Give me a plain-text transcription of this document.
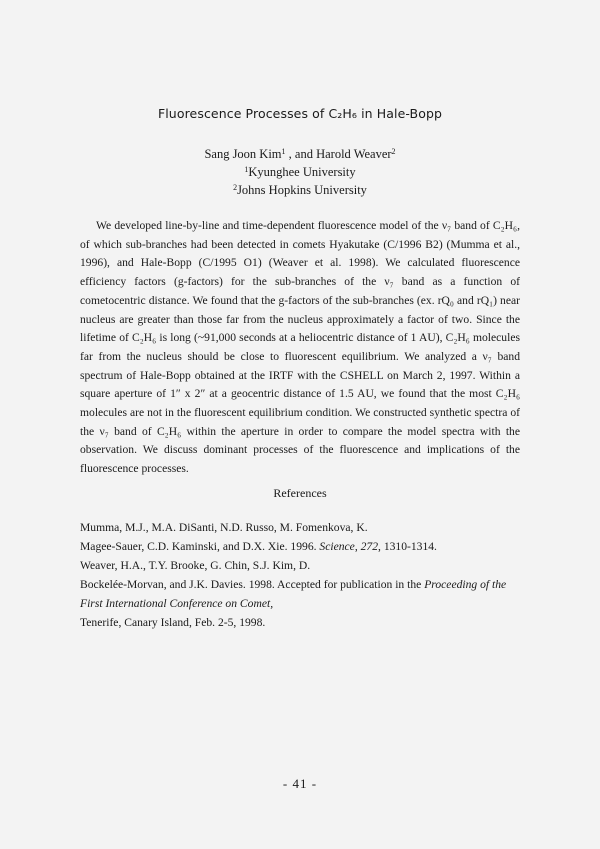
Fluorescence Processes of C₂H₆ in Hale-Bopp
Sang Joon Kim$^1$ , and Harold Weaver$^2$
$^1$Kyunghee University
$^2$Johns Hopkins University

We developed line-by-line and time-dependent fluorescence model of the ν₇ band of C₂H₆, of which sub-branches had been detected in comets Hyakutake (C/1996 B2) (Mumma et al., 1996), and Hale-Bopp (C/1995 O1) (Weaver et al. 1998). We calculated fluorescence efficiency factors (g-factors) for the sub-branches of the ν₇ band as a function of cometocentric distance. We found that the g-factors of the sub-branches (ex. rQ₀ and rQ₁) near nucleus are greater than those far from the nucleus approximately a factor of two. Since the lifetime of C₂H₆ is long (~91,000 seconds at a heliocentric distance of 1 AU), C₂H₆ molecules far from the nucleus should be close to fluorescent equilibrium. We analyzed a ν₇ band spectrum of Hale-Bopp obtained at the IRTF with the CSHELL on March 2, 1997. Within a square aperture of 1″ x 2″ at a geocentric distance of 1.5 AU, we found that the most C₂H₆ molecules are not in the fluorescent equilibrium condition. We constructed synthetic spectra of the ν₇ band of C₂H₆ within the aperture in order to compare the model spectra with the observation. We discuss dominant processes of the fluorescence and implications of the fluorescence processes.

References
Mumma, M.J., M.A. DiSanti, N.D. Russo, M. Fomenkova, K.
Magee-Sauer, C.D. Kaminski, and D.X. Xie. 1996. Science, 272, 1310-1314.
Weaver, H.A., T.Y. Brooke, G. Chin, S.J. Kim, D.
Bockelée-Morvan, and J.K. Davies. 1998. Accepted for publication in the Proceeding of the First International Conference on Comet,
Tenerife, Canary Island, Feb. 2-5, 1998.
- 41 -
